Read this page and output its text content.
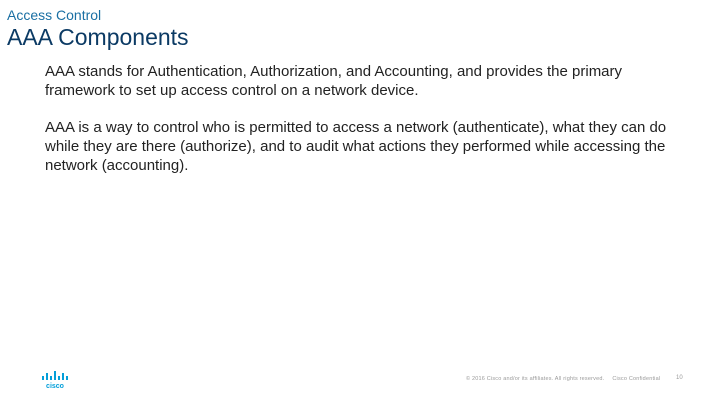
Access Control
AAA Components

AAA stands for Authentication, Authorization, and Accounting, and provides the primary framework to set up access control on a network device.

AAA is a way to control who is permitted to access a network (authenticate), what they can do while they are there (authorize), and to audit what actions they performed while accessing the network (accounting).

cisco
© 2016 Cisco and/or its affiliates. All rights reserved. Cisco Confidential	10
